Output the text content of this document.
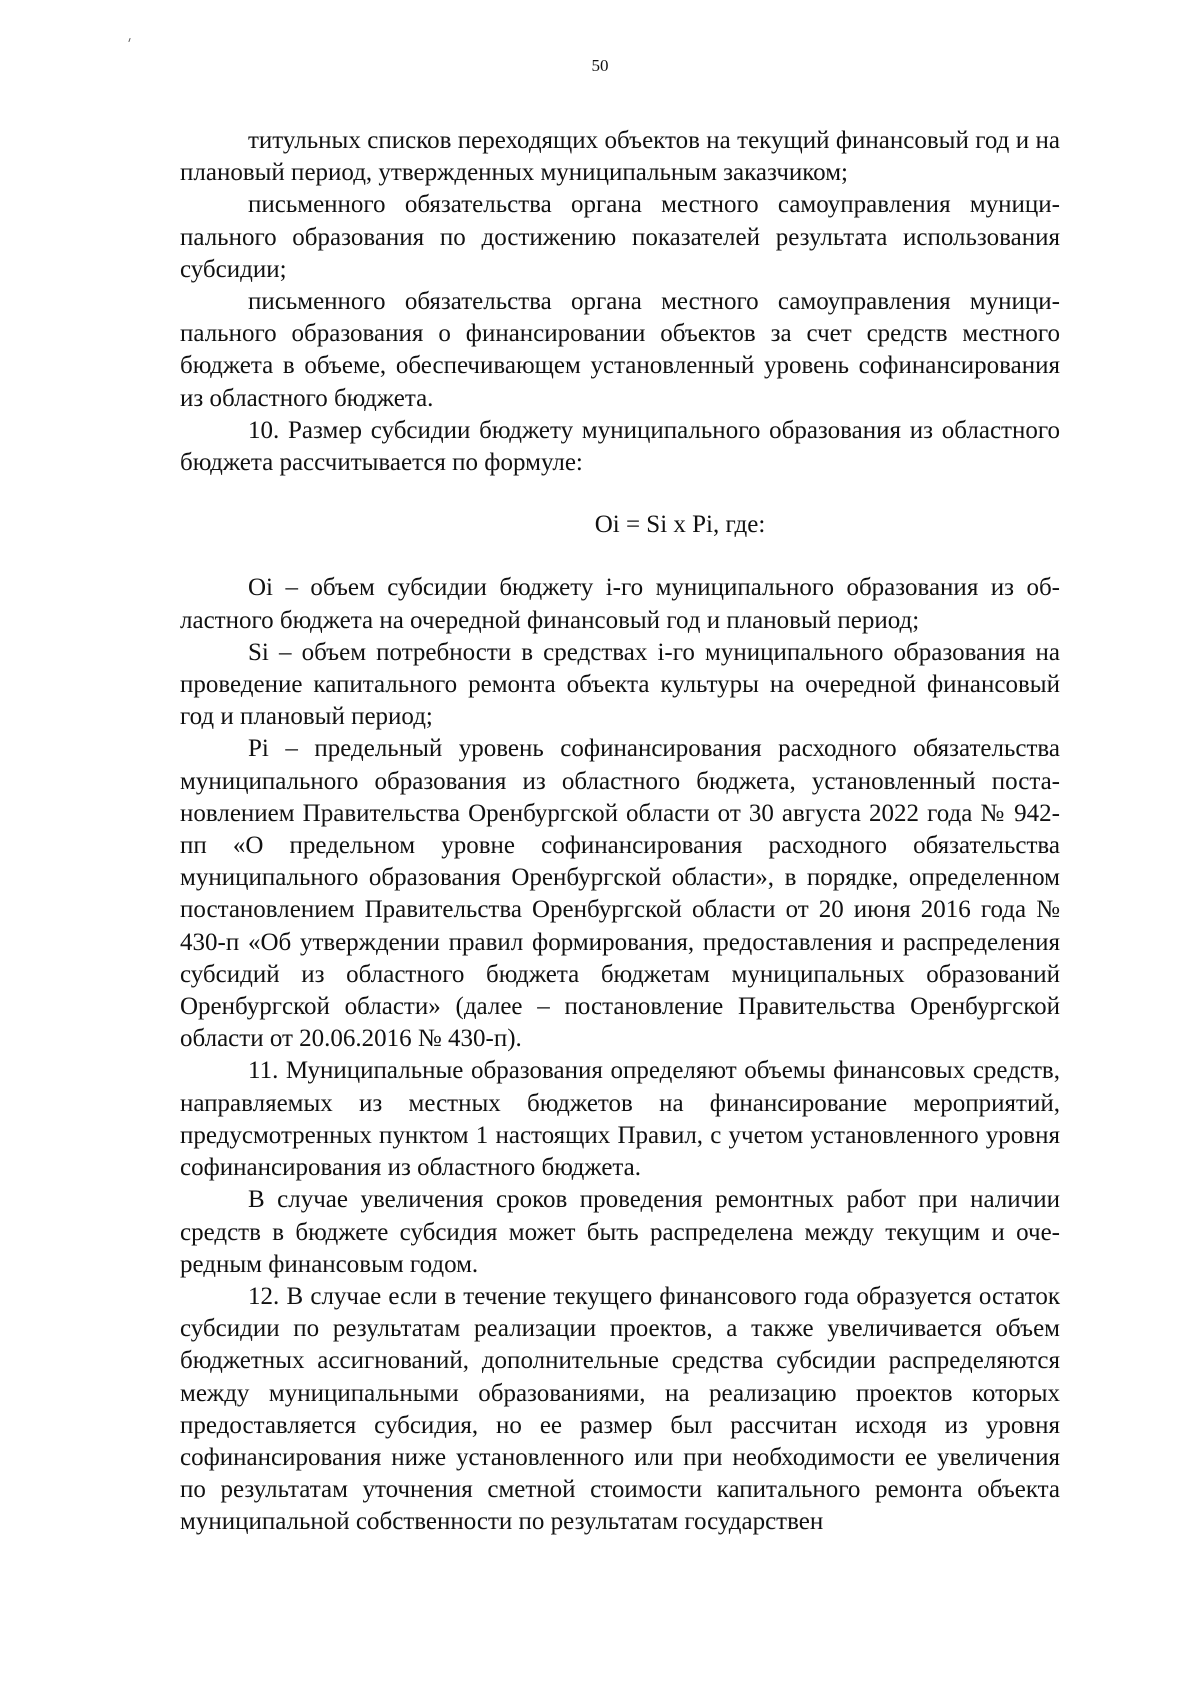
50

титульных списков переходящих объектов на текущий финансовый год и на плановый период, утвержденных муниципальным заказчиком;

письменного обязательства органа местного самоуправления муниципального образования по достижению показателей результата использования субсидии;

письменного обязательства органа местного самоуправления муниципального образования о финансировании объектов за счет средств местного бюджета в объеме, обеспечивающем установленный уровень софинансирования из областного бюджета.

10. Размер субсидии бюджету муниципального образования из областного бюджета рассчитывается по формуле:

Oi = Si x Pi, где:

Oi – объем субсидии бюджету i-го муниципального образования из областного бюджета на очередной финансовый год и плановый период;

Si – объем потребности в средствах i-го муниципального образования на проведение капитального ремонта объекта культуры на очередной финансовый год и плановый период;

Pi – предельный уровень софинансирования расходного обязательства муниципального образования из областного бюджета, установленный постановлением Правительства Оренбургской области от 30 августа 2022 года № 942-пп «О предельном уровне софинансирования расходного обязательства муниципального образования Оренбургской области», в порядке, определенном постановлением Правительства Оренбургской области от 20 июня 2016 года № 430-п «Об утверждении правил формирования, предоставления и распределения субсидий из областного бюджета бюджетам муниципальных образований Оренбургской области» (далее – постановление Правительства Оренбургской области от 20.06.2016 № 430-п).

11. Муниципальные образования определяют объемы финансовых средств, направляемых из местных бюджетов на финансирование мероприятий, предусмотренных пунктом 1 настоящих Правил, с учетом установленного уровня софинансирования из областного бюджета.

В случае увеличения сроков проведения ремонтных работ при наличии средств в бюджете субсидия может быть распределена между текущим и очередным финансовым годом.

12. В случае если в течение текущего финансового года образуется остаток субсидии по результатам реализации проектов, а также увеличивается объем бюджетных ассигнований, дополнительные средства субсидии распределяются между муниципальными образованиями, на реализацию проектов которых предоставляется субсидия, но ее размер был рассчитан исходя из уровня софинансирования ниже установленного или при необходимости ее увеличения по результатам уточнения сметной стоимости капитального ремонта объекта муниципальной собственности по результатам государствен
